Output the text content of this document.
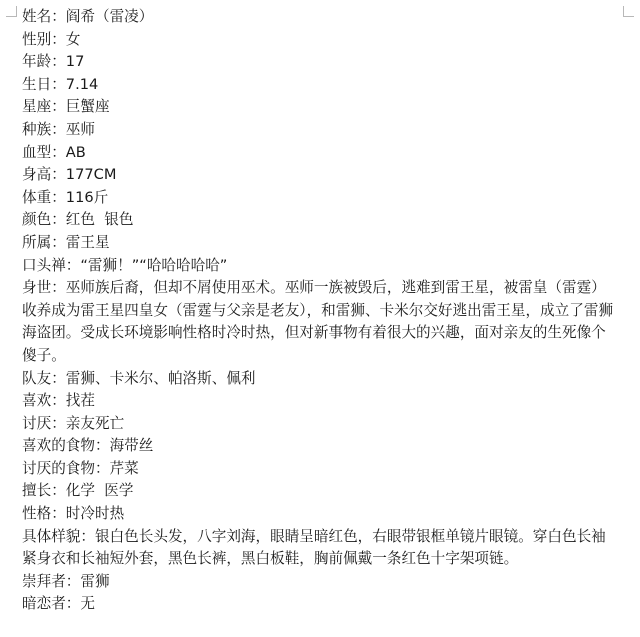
姓名：阎希（雷凌）
性别：女
年龄：17
生日：7.14
星座：巨蟹座
种族：巫师
血型：AB
身高：177CM
体重：116斤
颜色：红色  银色
所属：雷王星
口头禅：“雷狮！”“哈哈哈哈哈”
身世：巫师族后裔，但却不屑使用巫术。巫师一族被毁后，逃难到雷王星，被雷皇（雷霆）收养成为雷王星四皇女（雷霆与父亲是老友），和雷狮、卡米尔交好逃出雷王星，成立了雷狮海盗团。受成长环境影响性格时冷时热，但对新事物有着很大的兴趣，面对亲友的生死像个傻子。
队友：雷狮、卡米尔、帕洛斯、佩利
喜欢：找茬
讨厌：亲友死亡
喜欢的食物：海带丝
讨厌的食物：芹菜
擅长：化学  医学
性格：时冷时热
具体样貌：银白色长头发，八字刘海，眼睛呈暗红色，右眼带银框单镜片眼镜。穿白色长袖紧身衣和长袖短外套，黑色长裤，黑白板鞋，胸前佩戴一条红色十字架项链。
崇拜者：雷狮
暗恋者：无
